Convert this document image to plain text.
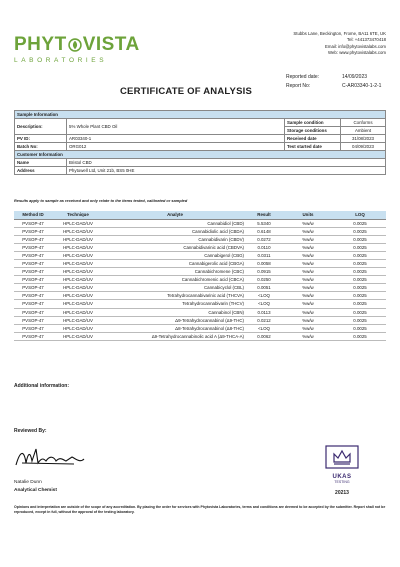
PHYT VISTA
LABORATORIES
Stubbs Lane, Beckington, Frome, BA11 6TE, UK
Tel: +441373470418
Email: info@phytovistalabs.com
Web: www.phytovistalabs.com
Reported date:	14/09/2023
Report No:	C-AR03340-1-2-1
CERTIFICATE OF ANALYSIS
Sample Information			
Description:	5% Whole Plant CBD Oil	Sample condition	Conforms
		Storage conditions	Ambient
PV ID:	AR03340-1	Received date	31/08/2023
Batch No:	ORG012	Test started date	04/09/2023
Customer Information			
Name	Bristol CBD		
Address	Phytowell Ltd, Unit 21b, BS5 0HE		
Results apply to sample as received and only relate to the items tested, calibrated or sampled
Method ID	Technique	Analyte	Result	Units	LOQ
PVSOP-47	HPLC-DAD/UV	Cannabidiol (CBD)	5.5340	%w/w	0.0025
PVSOP-47	HPLC-DAD/UV	Cannabidiolic acid (CBDA)	0.6148	%w/w	0.0025
PVSOP-47	HPLC-DAD/UV	Cannabidivarin (CBDV)	0.0272	%w/w	0.0025
PVSOP-47	HPLC-DAD/UV	Cannabidivarinic acid (CBDVA)	0.0110	%w/w	0.0025
PVSOP-47	HPLC-DAD/UV	Cannabigerol (CBG)	0.0311	%w/w	0.0025
PVSOP-47	HPLC-DAD/UV	Cannabigerolic acid (CBGA)	0.0058	%w/w	0.0025
PVSOP-47	HPLC-DAD/UV	Cannabichromene (CBC)	0.0915	%w/w	0.0025
PVSOP-47	HPLC-DAD/UV	Cannabichromenic acid (CBCA)	0.0250	%w/w	0.0025
PVSOP-47	HPLC-DAD/UV	Cannabicyclol (CBL)	0.0051	%w/w	0.0025
PVSOP-47	HPLC-DAD/UV	Tetrahydrocannabivarinic acid (THCVA)	<LOQ	%w/w	0.0025
PVSOP-47	HPLC-DAD/UV	Tetrahydrocannabivarin (THCV)	<LOQ	%w/w	0.0025
PVSOP-47	HPLC-DAD/UV	Cannabinol (CBN)	0.0113	%w/w	0.0025
PVSOP-47	HPLC-DAD/UV	Δ9-Tetrahydrocannabinol (Δ9-THC)	0.0212	%w/w	0.0025
PVSOP-47	HPLC-DAD/UV	Δ8-Tetrahydrocannabinol (Δ8-THC)	<LOQ	%w/w	0.0025
PVSOP-47	HPLC-DAD/UV	Δ9-Tetrahydrocannabinolic acid A (Δ9-THCA-A)	0.0062	%w/w	0.0025
Additional information:
Reviewed By:
Natalie Dunn
Analytical Chemist
UKAS
TESTING
20213
Opinions and interpretation are outside of the scope of any accreditation. By placing the order for services with Phytovista Laboratories, terms and conditions are deemed to be accepted by the submitter. Report shall not be reproduced, except in full, without the approval of the testing laboratory.
